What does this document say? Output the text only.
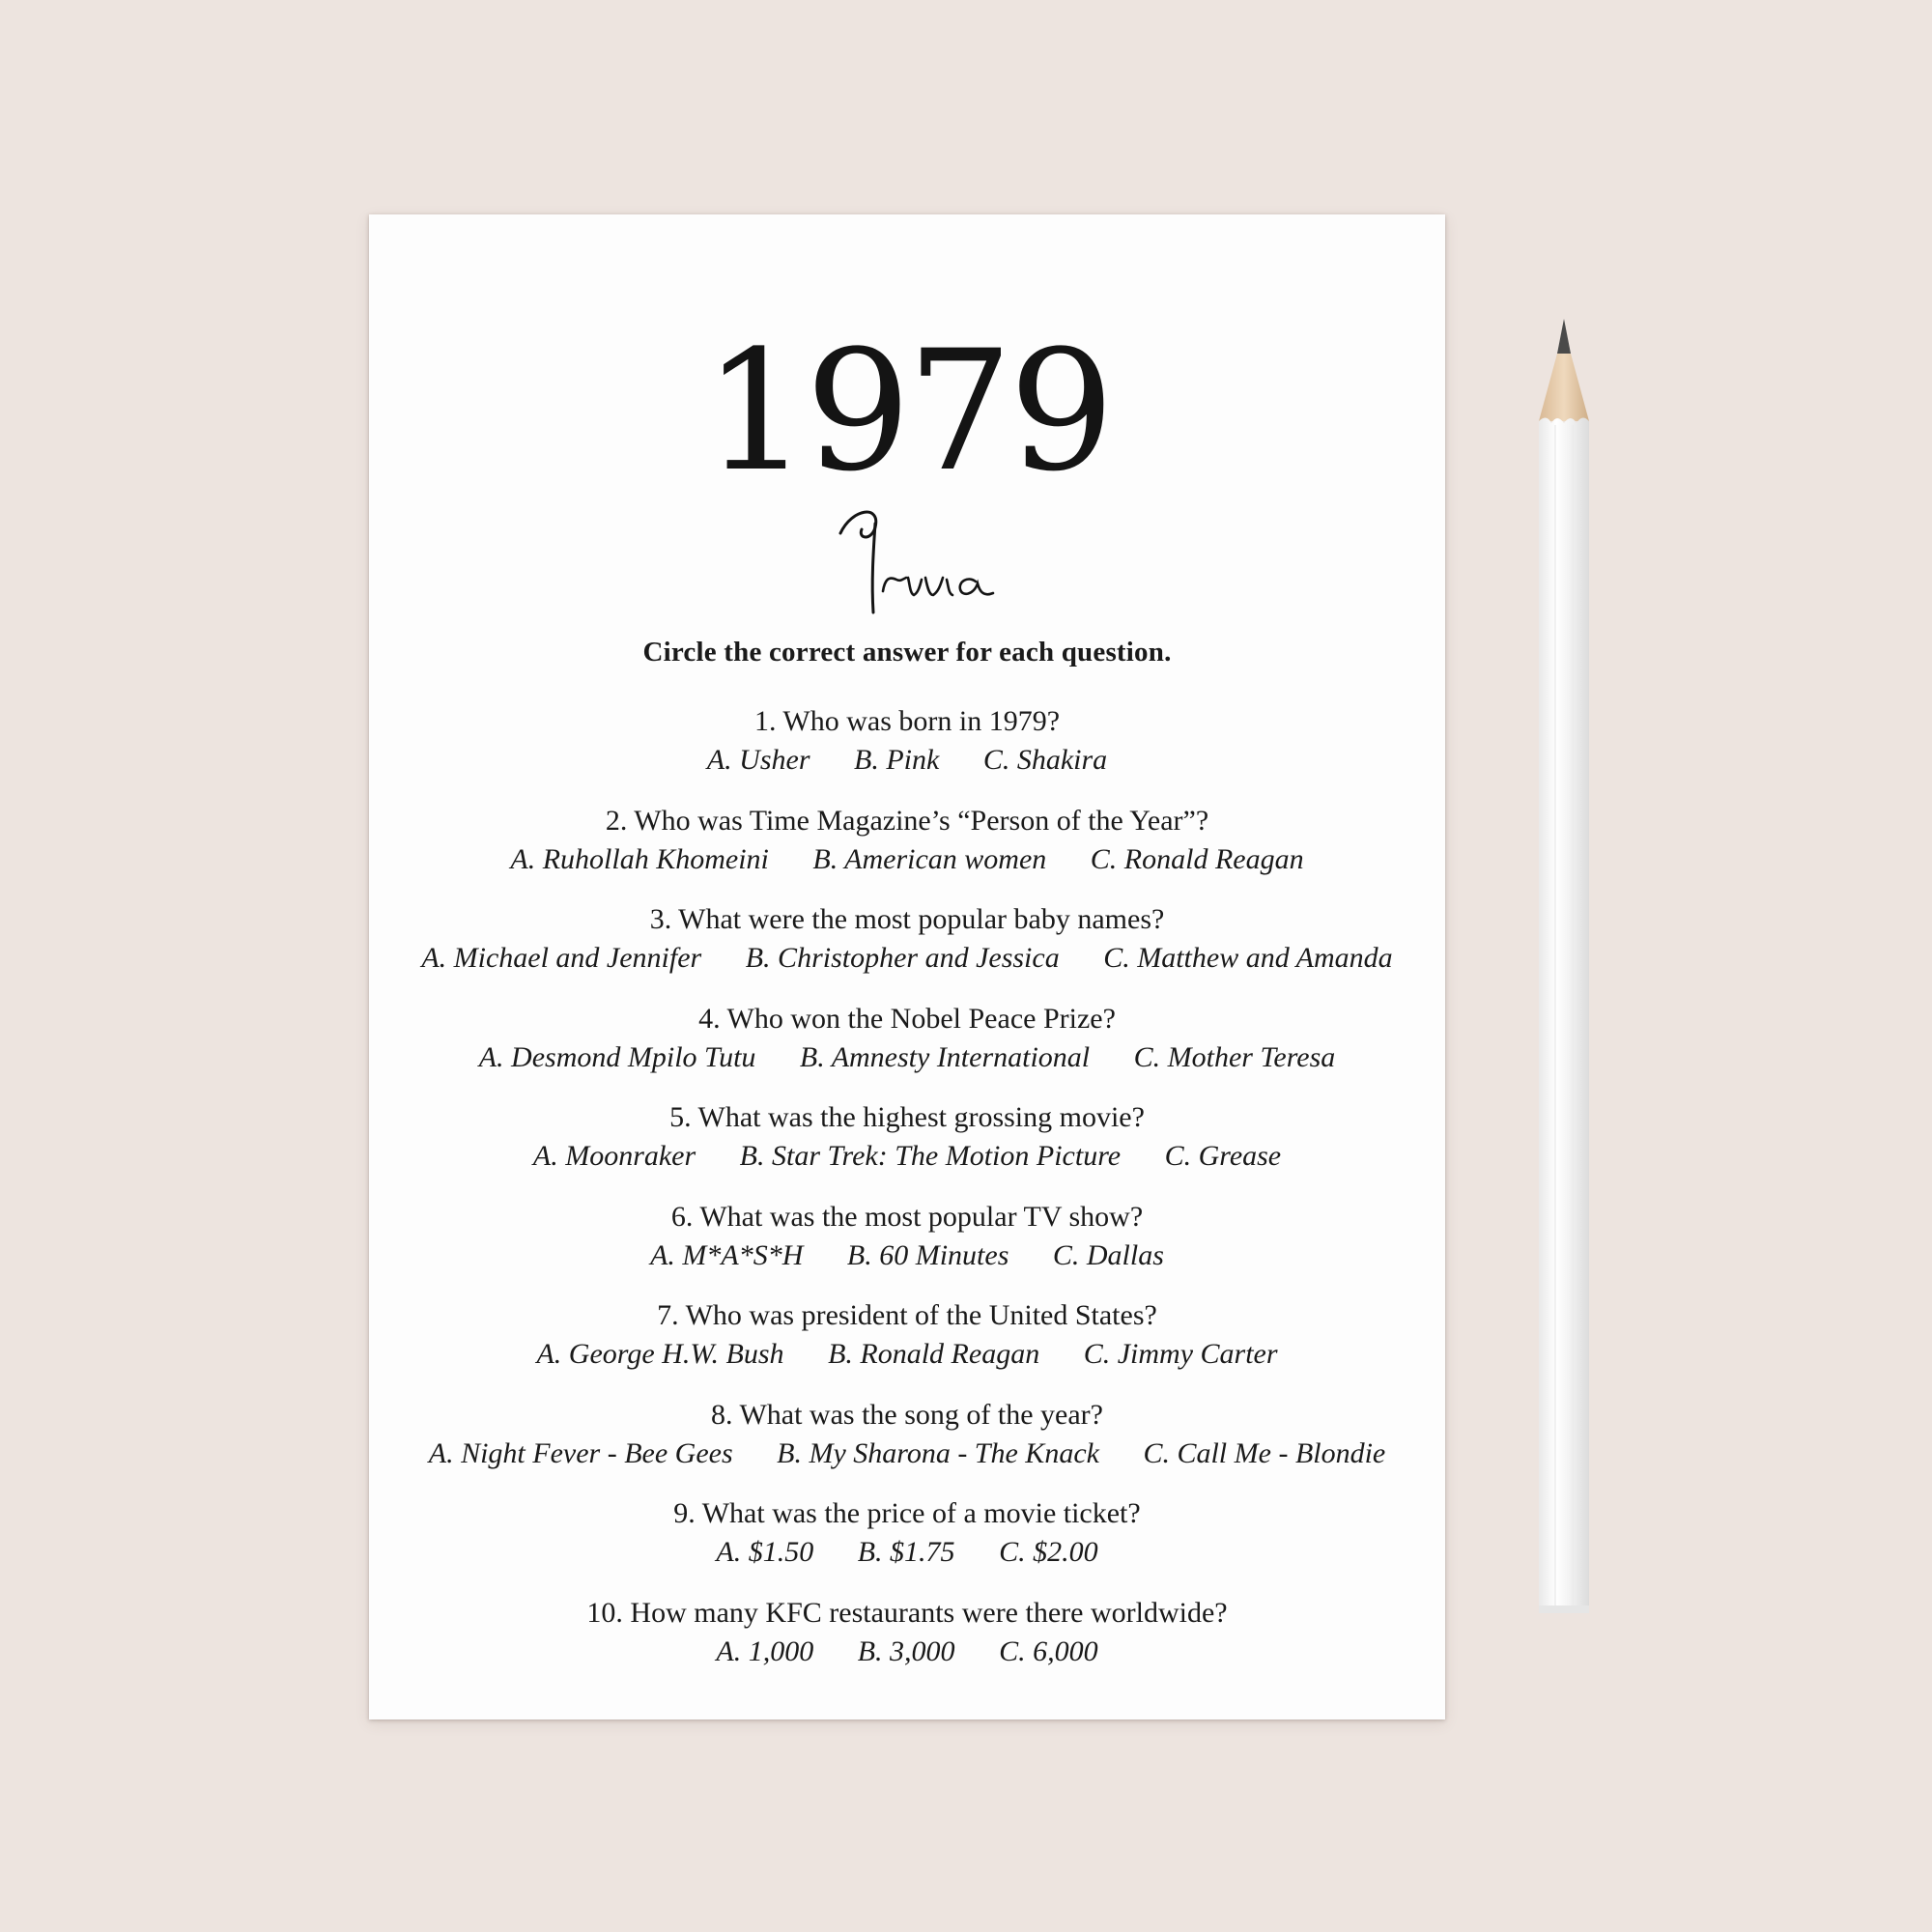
1979
Circle the correct answer for each question.
1. Who was born in 1979?
A. Usher B. Pink C. Shakira
2. Who was Time Magazine’s “Person of the Year”?
A. Ruhollah Khomeini B. American women C. Ronald Reagan
3. What were the most popular baby names?
A. Michael and Jennifer B. Christopher and Jessica C. Matthew and Amanda
4. Who won the Nobel Peace Prize?
A. Desmond Mpilo Tutu B. Amnesty International C. Mother Teresa
5. What was the highest grossing movie?
A. Moonraker B. Star Trek: The Motion Picture C. Grease
6. What was the most popular TV show?
A. M*A*S*H B. 60 Minutes C. Dallas
7. Who was president of the United States?
A. George H.W. Bush B. Ronald Reagan C. Jimmy Carter
8. What was the song of the year?
A. Night Fever - Bee Gees B. My Sharona - The Knack C. Call Me - Blondie
9. What was the price of a movie ticket?
A. $1.50 B. $1.75 C. $2.00
10. How many KFC restaurants were there worldwide?
A. 1,000 B. 3,000 C. 6,000
